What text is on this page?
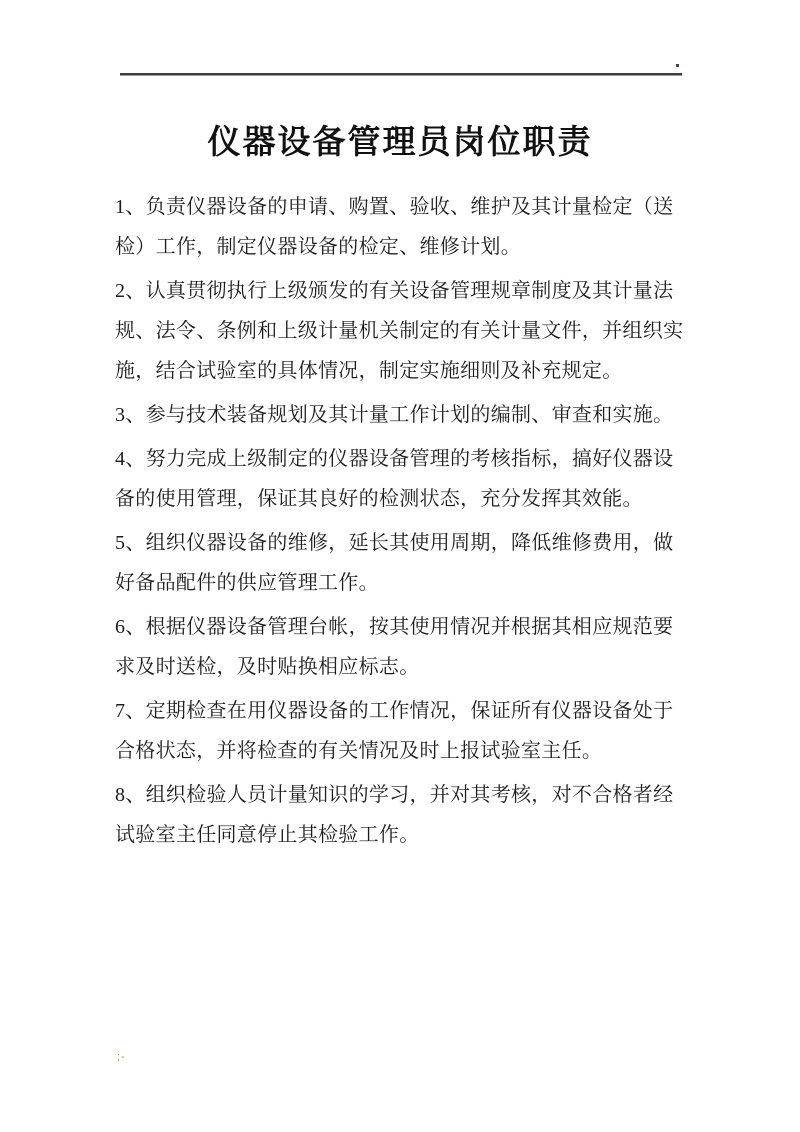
仪器设备管理员岗位职责
1、负责仪器设备的申请、购置、验收、维护及其计量检定（送
检）工作，制定仪器设备的检定、维修计划。
2、认真贯彻执行上级颁发的有关设备管理规章制度及其计量法
规、法令、条例和上级计量机关制定的有关计量文件，并组织实
施，结合试验室的具体情况，制定实施细则及补充规定。
3、参与技术装备规划及其计量工作计划的编制、审查和实施。
4、努力完成上级制定的仪器设备管理的考核指标，搞好仪器设
备的使用管理，保证其良好的检测状态，充分发挥其效能。
5、组织仪器设备的维修，延长其使用周期，降低维修费用，做
好备品配件的供应管理工作。
6、根据仪器设备管理台帐，按其使用情况并根据其相应规范要
求及时送检，及时贴换相应标志。
7、定期检查在用仪器设备的工作情况，保证所有仪器设备处于
合格状态，并将检查的有关情况及时上报试验室主任。
8、组织检验人员计量知识的学习，并对其考核，对不合格者经
试验室主任同意停止其检验工作。
;-
